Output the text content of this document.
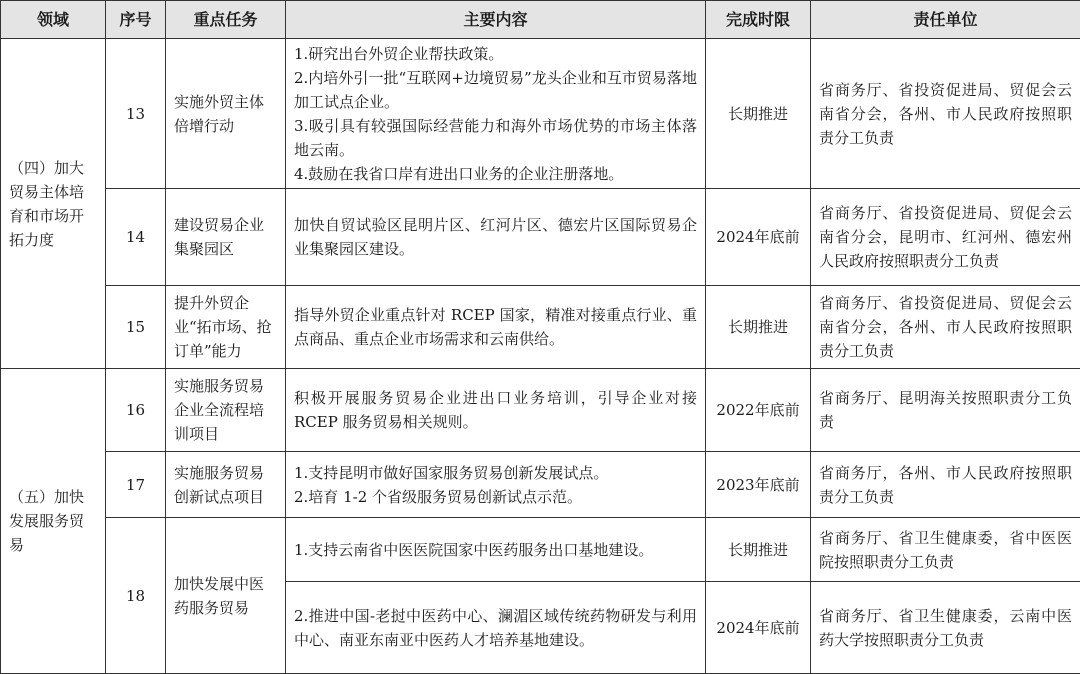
领域	序号	重点任务	主要内容	完成时限	责任单位
（四）加大贸易主体培育和市场开拓力度	13	实施外贸主体倍增行动	1.研究出台外贸企业帮扶政策。
2.内培外引一批“互联网+边境贸易”龙头企业和互市贸易落地加工试点企业。
3.吸引具有较强国际经营能力和海外市场优势的市场主体落地云南。
4.鼓励在我省口岸有进出口业务的企业注册落地。	长期推进	省商务厅、省投资促进局、贸促会云南省分会，各州、市人民政府按照职责分工负责
	14	建设贸易企业集聚园区	加快自贸试验区昆明片区、红河片区、德宏片区国际贸易企业集聚园区建设。	2024年底前	省商务厅、省投资促进局、贸促会云南省分会，昆明市、红河州、德宏州人民政府按照职责分工负责
	15	提升外贸企业“拓市场、抢订单”能力	指导外贸企业重点针对 RCEP 国家，精准对接重点行业、重点商品、重点企业市场需求和云南供给。	长期推进	省商务厅、省投资促进局、贸促会云南省分会，各州、市人民政府按照职责分工负责
（五）加快发展服务贸易	16	实施服务贸易企业全流程培训项目	积极开展服务贸易企业进出口业务培训，引导企业对接 RCEP 服务贸易相关规则。	2022年底前	省商务厅、昆明海关按照职责分工负责
	17	实施服务贸易创新试点项目	1.支持昆明市做好国家服务贸易创新发展试点。
2.培育 1-2 个省级服务贸易创新试点示范。	2023年底前	省商务厅，各州、市人民政府按照职责分工负责
	18	加快发展中医药服务贸易	1.支持云南省中医医院国家中医药服务出口基地建设。	长期推进	省商务厅、省卫生健康委，省中医医院按照职责分工负责
			2.推进中国-老挝中医药中心、澜湄区域传统药物研发与利用中心、南亚东南亚中医药人才培养基地建设。	2024年底前	省商务厅、省卫生健康委，云南中医药大学按照职责分工负责
